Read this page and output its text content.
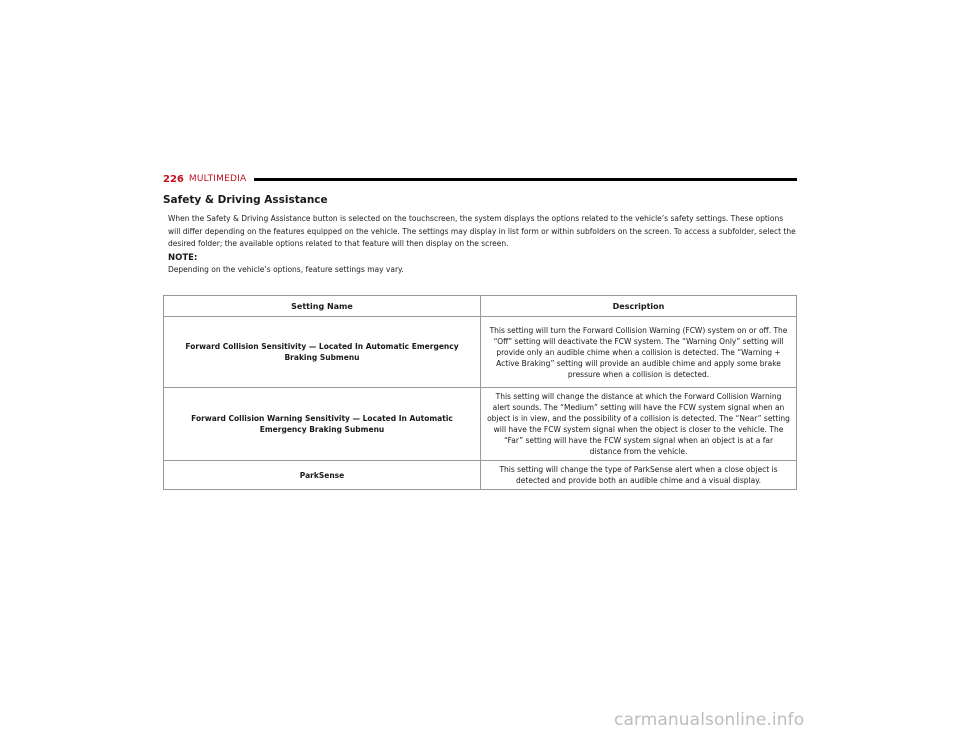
226 MULTIMEDIA
Safety & Driving Assistance

When the Safety & Driving Assistance button is selected on the touchscreen, the system displays the options related to the vehicle’s safety settings. These options will differ depending on the features equipped on the vehicle. The settings may display in list form or within subfolders on the screen. To access a subfolder, select the desired folder; the available options related to that feature will then display on the screen.

NOTE:

Depending on the vehicle’s options, feature settings may vary.

Setting Name	Description
Forward Collision Sensitivity — Located In Automatic Emergency Braking Submenu	This setting will turn the Forward Collision Warning (FCW) system on or off. The “Off” setting will deactivate the FCW system. The “Warning Only” setting will provide only an audible chime when a collision is detected. The “Warning + Active Braking” setting will provide an audible chime and apply some brake pressure when a collision is detected.
Forward Collision Warning Sensitivity — Located In Automatic Emergency Braking Submenu	This setting will change the distance at which the Forward Collision Warning alert sounds. The “Medium” setting will have the FCW system signal when an object is in view, and the possibility of a collision is detected. The “Near” setting will have the FCW system signal when the object is closer to the vehicle. The “Far” setting will have the FCW system signal when an object is at a far distance from the vehicle.
ParkSense	This setting will change the type of ParkSense alert when a close object is detected and provide both an audible chime and a visual display.
carmanualsonline.info
